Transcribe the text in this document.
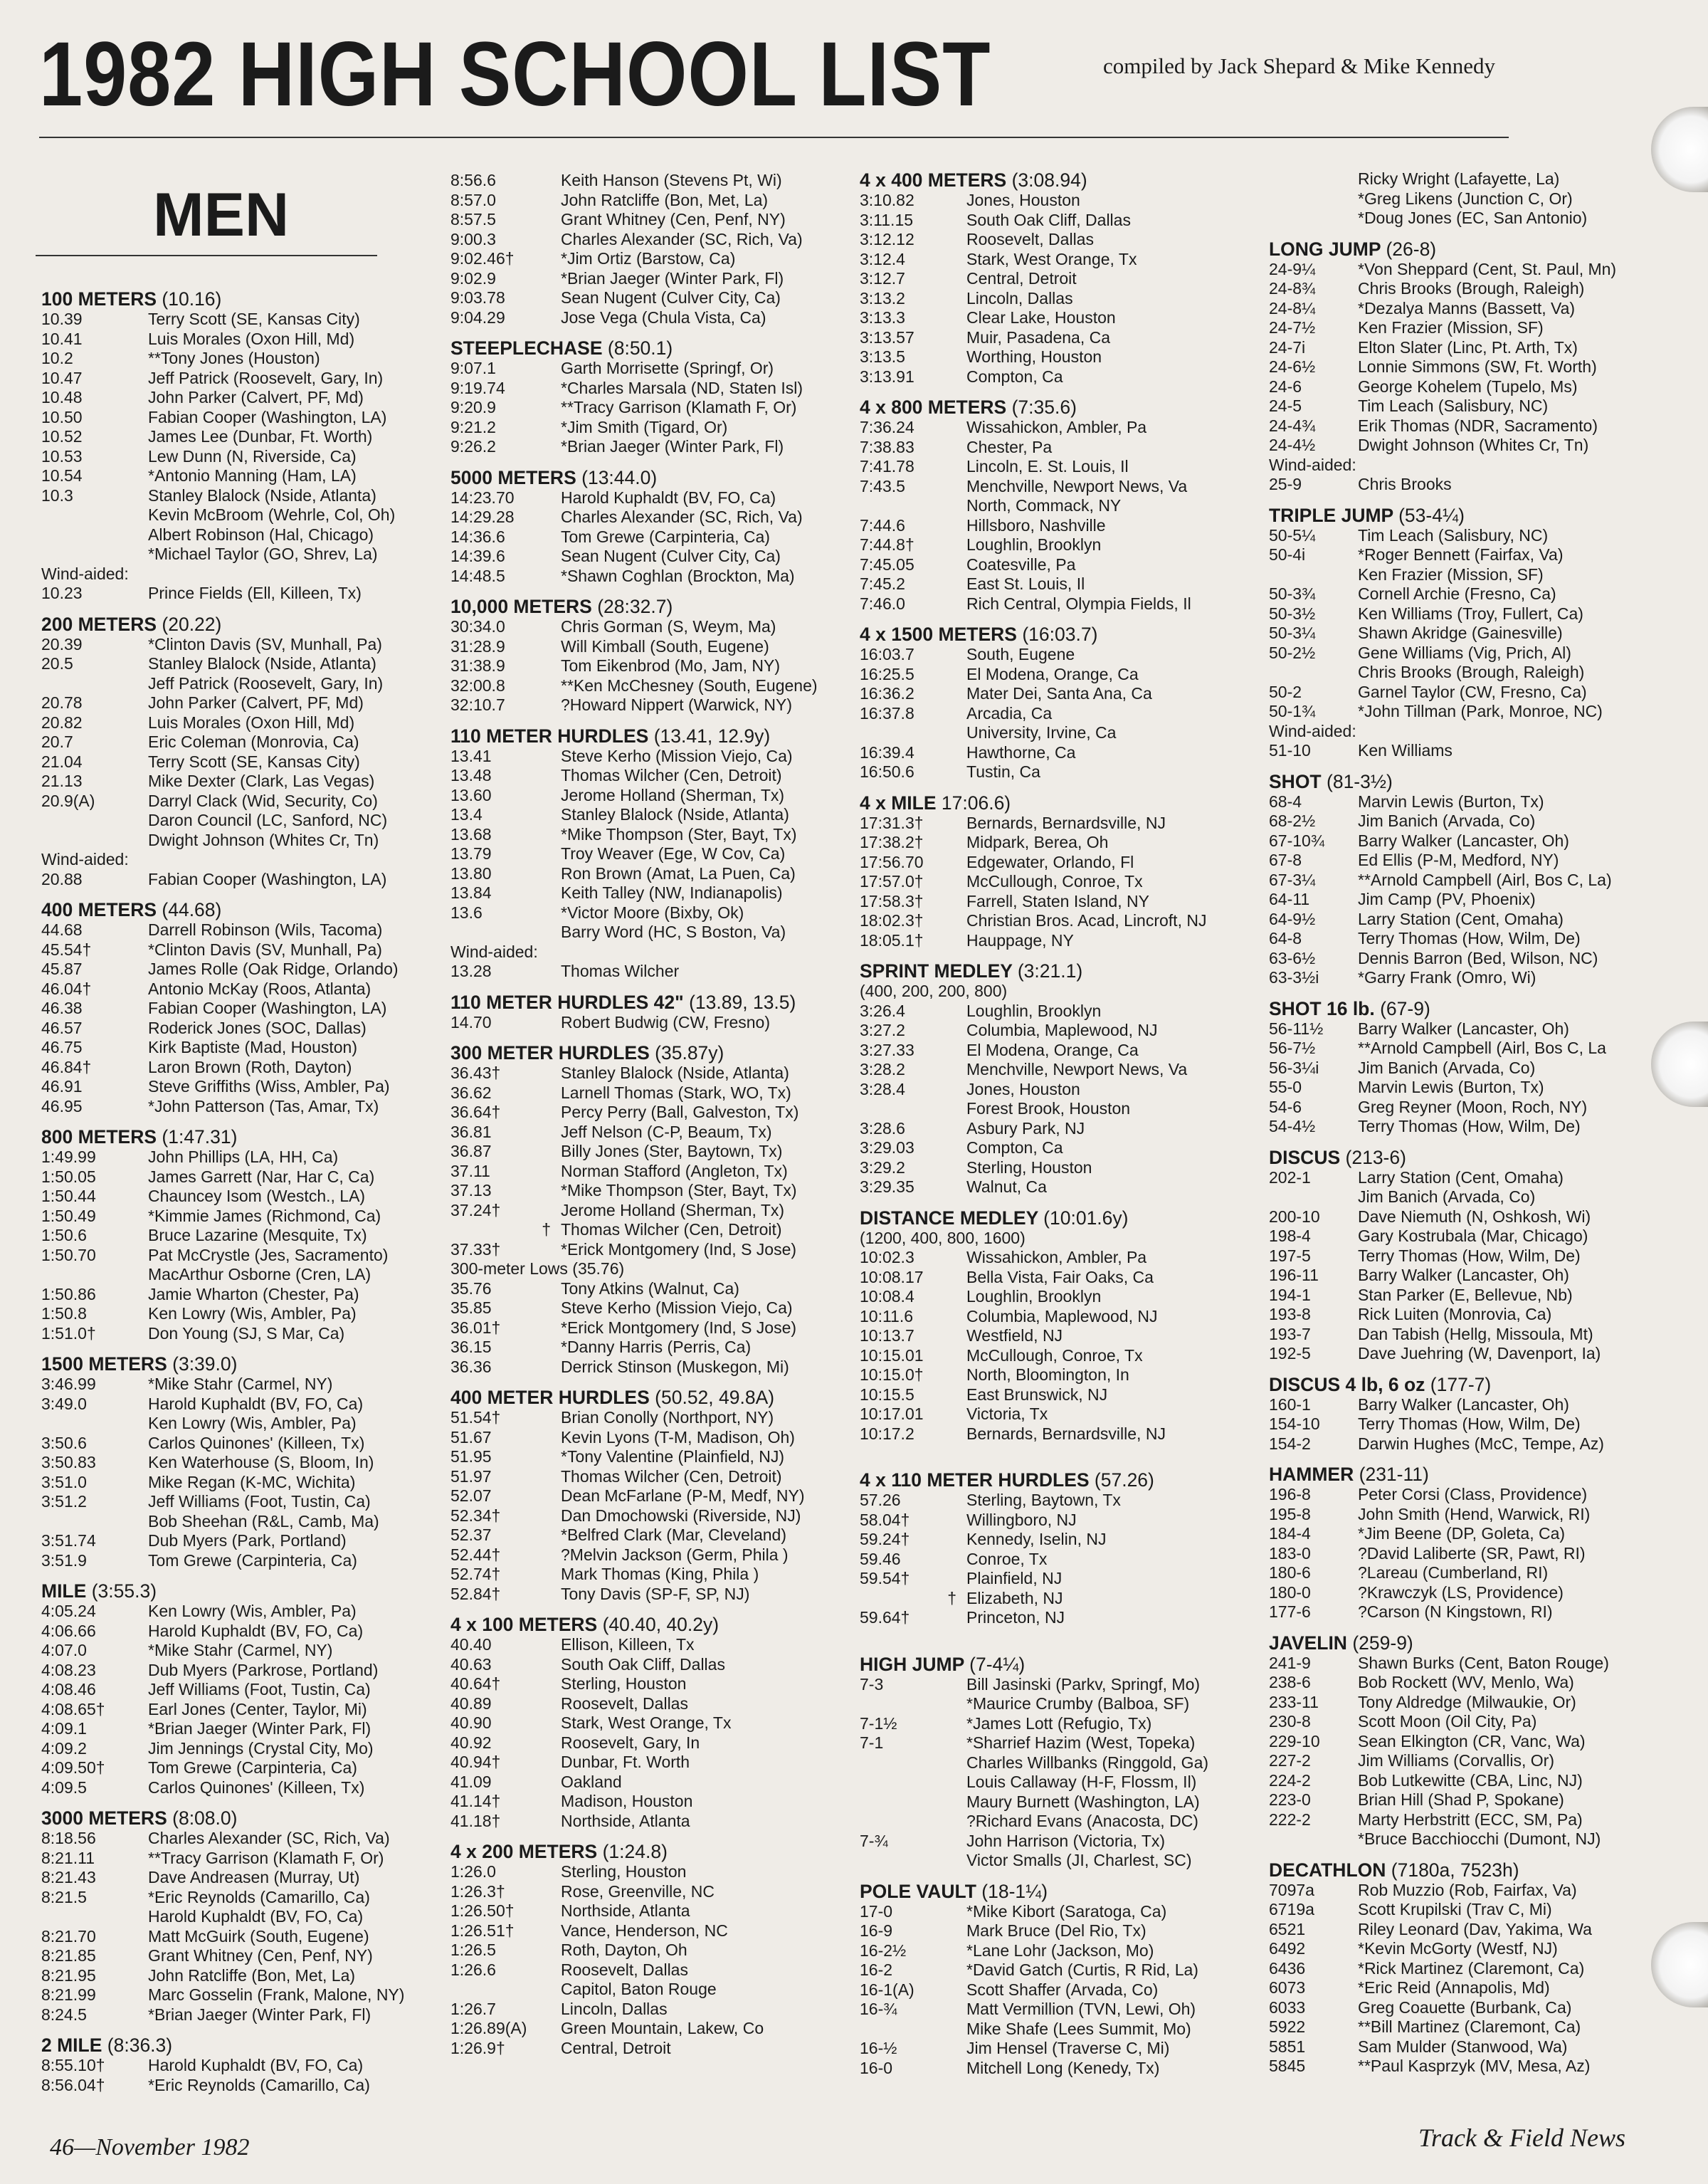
1982 HIGH SCHOOL LIST	compiled by Jack Shepard & Mike Kennedy
MEN
100 METERS (10.16)
10.39	Terry Scott (SE, Kansas City)
10.41	Luis Morales (Oxon Hill, Md)
10.2	**Tony Jones (Houston)
10.47	Jeff Patrick (Roosevelt, Gary, In)
10.48	John Parker (Calvert, PF, Md)
10.50	Fabian Cooper (Washington, LA)
10.52	James Lee (Dunbar, Ft. Worth)
10.53	Lew Dunn (N, Riverside, Ca)
10.54	*Antonio Manning (Ham, LA)
10.3	Stanley Blalock (Nside, Atlanta)
Kevin McBroom (Wehrle, Col, Oh)
Albert Robinson (Hal, Chicago)
*Michael Taylor (GO, Shrev, La)
Wind-aided:
10.23	Prince Fields (Ell, Killeen, Tx)
200 METERS (20.22)
20.39	*Clinton Davis (SV, Munhall, Pa)
20.5	Stanley Blalock (Nside, Atlanta)
Jeff Patrick (Roosevelt, Gary, In)
20.78	John Parker (Calvert, PF, Md)
20.82	Luis Morales (Oxon Hill, Md)
20.7	Eric Coleman (Monrovia, Ca)
21.04	Terry Scott (SE, Kansas City)
21.13	Mike Dexter (Clark, Las Vegas)
20.9(A)	Darryl Clack (Wid, Security, Co)
Daron Council (LC, Sanford, NC)
Dwight Johnson (Whites Cr, Tn)
Wind-aided:
20.88	Fabian Cooper (Washington, LA)
400 METERS (44.68)
44.68	Darrell Robinson (Wils, Tacoma)
45.54†	*Clinton Davis (SV, Munhall, Pa)
45.87	James Rolle (Oak Ridge, Orlando)
46.04†	Antonio McKay (Roos, Atlanta)
46.38	Fabian Cooper (Washington, LA)
46.57	Roderick Jones (SOC, Dallas)
46.75	Kirk Baptiste (Mad, Houston)
46.84†	Laron Brown (Roth, Dayton)
46.91	Steve Griffiths (Wiss, Ambler, Pa)
46.95	*John Patterson (Tas, Amar, Tx)
800 METERS (1:47.31)
1:49.99	John Phillips (LA, HH, Ca)
1:50.05	James Garrett (Nar, Har C, Ca)
1:50.44	Chauncey Isom (Westch., LA)
1:50.49	*Kimmie James (Richmond, Ca)
1:50.6	Bruce Lazarine (Mesquite, Tx)
1:50.70	Pat McCrystle (Jes, Sacramento)
MacArthur Osborne (Cren, LA)
1:50.86	Jamie Wharton (Chester, Pa)
1:50.8	Ken Lowry (Wis, Ambler, Pa)
1:51.0†	Don Young (SJ, S Mar, Ca)
1500 METERS (3:39.0)
3:46.99	*Mike Stahr (Carmel, NY)
3:49.0	Harold Kuphaldt (BV, FO, Ca)
Ken Lowry (Wis, Ambler, Pa)
3:50.6	Carlos Quinones' (Killeen, Tx)
3:50.83	Ken Waterhouse (S, Bloom, In)
3:51.0	Mike Regan (K-MC, Wichita)
3:51.2	Jeff Williams (Foot, Tustin, Ca)
Bob Sheehan (R&L, Camb, Ma)
3:51.74	Dub Myers (Park, Portland)
3:51.9	Tom Grewe (Carpinteria, Ca)
MILE (3:55.3)
4:05.24	Ken Lowry (Wis, Ambler, Pa)
4:06.66	Harold Kuphaldt (BV, FO, Ca)
4:07.0	*Mike Stahr (Carmel, NY)
4:08.23	Dub Myers (Parkrose, Portland)
4:08.46	Jeff Williams (Foot, Tustin, Ca)
4:08.65†	Earl Jones (Center, Taylor, Mi)
4:09.1	*Brian Jaeger (Winter Park, Fl)
4:09.2	Jim Jennings (Crystal City, Mo)
4:09.50†	Tom Grewe (Carpinteria, Ca)
4:09.5	Carlos Quinones' (Killeen, Tx)
3000 METERS (8:08.0)
8:18.56	Charles Alexander (SC, Rich, Va)
8:21.11	**Tracy Garrison (Klamath F, Or)
8:21.43	Dave Andreasen (Murray, Ut)
8:21.5	*Eric Reynolds (Camarillo, Ca)
Harold Kuphaldt (BV, FO, Ca)
8:21.70	Matt McGuirk (South, Eugene)
8:21.85	Grant Whitney (Cen, Penf, NY)
8:21.95	John Ratcliffe (Bon, Met, La)
8:21.99	Marc Gosselin (Frank, Malone, NY)
8:24.5	*Brian Jaeger (Winter Park, Fl)
2 MILE (8:36.3)
8:55.10†	Harold Kuphaldt (BV, FO, Ca)
8:56.04†	*Eric Reynolds (Camarillo, Ca)
8:56.6	Keith Hanson (Stevens Pt, Wi)
8:57.0	John Ratcliffe (Bon, Met, La)
8:57.5	Grant Whitney (Cen, Penf, NY)
9:00.3	Charles Alexander (SC, Rich, Va)
9:02.46†	*Jim Ortiz (Barstow, Ca)
9:02.9	*Brian Jaeger (Winter Park, Fl)
9:03.78	Sean Nugent (Culver City, Ca)
9:04.29	Jose Vega (Chula Vista, Ca)
STEEPLECHASE (8:50.1)
9:07.1	Garth Morrisette (Springf, Or)
9:19.74	*Charles Marsala (ND, Staten Isl)
9:20.9	**Tracy Garrison (Klamath F, Or)
9:21.2	*Jim Smith (Tigard, Or)
9:26.2	*Brian Jaeger (Winter Park, Fl)
5000 METERS (13:44.0)
14:23.70	Harold Kuphaldt (BV, FO, Ca)
14:29.28	Charles Alexander (SC, Rich, Va)
14:36.6	Tom Grewe (Carpinteria, Ca)
14:39.6	Sean Nugent (Culver City, Ca)
14:48.5	*Shawn Coghlan (Brockton, Ma)
10,000 METERS (28:32.7)
30:34.0	Chris Gorman (S, Weym, Ma)
31:28.9	Will Kimball (South, Eugene)
31:38.9	Tom Eikenbrod (Mo, Jam, NY)
32:00.8	**Ken McChesney (South, Eugene)
32:10.7	?Howard Nippert (Warwick, NY)
110 METER HURDLES (13.41, 12.9y)
13.41	Steve Kerho (Mission Viejo, Ca)
13.48	Thomas Wilcher (Cen, Detroit)
13.60	Jerome Holland (Sherman, Tx)
13.4	Stanley Blalock (Nside, Atlanta)
13.68	*Mike Thompson (Ster, Bayt, Tx)
13.79	Troy Weaver (Ege, W Cov, Ca)
13.80	Ron Brown (Amat, La Puen, Ca)
13.84	Keith Talley (NW, Indianapolis)
13.6	*Victor Moore (Bixby, Ok)
Barry Word (HC, S Boston, Va)
Wind-aided:
13.28	Thomas Wilcher
110 METER HURDLES 42" (13.89, 13.5)
14.70	Robert Budwig (CW, Fresno)
300 METER HURDLES (35.87y)
36.43†	Stanley Blalock (Nside, Atlanta)
36.62	Larnell Thomas (Stark, WO, Tx)
36.64†	Percy Perry (Ball, Galveston, Tx)
36.81	Jeff Nelson (C-P, Beaum, Tx)
36.87	Billy Jones (Ster, Baytown, Tx)
37.11	Norman Stafford (Angleton, Tx)
37.13	*Mike Thompson (Ster, Bayt, Tx)
37.24†	Jerome Holland (Sherman, Tx)
† Thomas Wilcher (Cen, Detroit)
37.33†	*Erick Montgomery (Ind, S Jose)
300-meter Lows (35.76)
35.76	Tony Atkins (Walnut, Ca)
35.85	Steve Kerho (Mission Viejo, Ca)
36.01†	*Erick Montgomery (Ind, S Jose)
36.15	*Danny Harris (Perris, Ca)
36.36	Derrick Stinson (Muskegon, Mi)
400 METER HURDLES (50.52, 49.8A)
51.54†	Brian Conolly (Northport, NY)
51.67	Kevin Lyons (T-M, Madison, Oh)
51.95	*Tony Valentine (Plainfield, NJ)
51.97	Thomas Wilcher (Cen, Detroit)
52.07	Dean McFarlane (P-M, Medf, NY)
52.34†	Dan Dmochowski (Riverside, NJ)
52.37	*Belfred Clark (Mar, Cleveland)
52.44†	?Melvin Jackson (Germ, Phila )
52.74†	Mark Thomas (King, Phila )
52.84†	Tony Davis (SP-F, SP, NJ)
4 x 100 METERS (40.40, 40.2y)
40.40	Ellison, Killeen, Tx
40.63	South Oak Cliff, Dallas
40.64†	Sterling, Houston
40.89	Roosevelt, Dallas
40.90	Stark, West Orange, Tx
40.92	Roosevelt, Gary, In
40.94†	Dunbar, Ft. Worth
41.09	Oakland
41.14†	Madison, Houston
41.18†	Northside, Atlanta
4 x 200 METERS (1:24.8)
1:26.0	Sterling, Houston
1:26.3†	Rose, Greenville, NC
1:26.50†	Northside, Atlanta
1:26.51†	Vance, Henderson, NC
1:26.5	Roth, Dayton, Oh
1:26.6	Roosevelt, Dallas
Capitol, Baton Rouge
1:26.7	Lincoln, Dallas
1:26.89(A)	Green Mountain, Lakew, Co
1:26.9†	Central, Detroit
4 x 400 METERS (3:08.94)
3:10.82	Jones, Houston
3:11.15	South Oak Cliff, Dallas
3:12.12	Roosevelt, Dallas
3:12.4	Stark, West Orange, Tx
3:12.7	Central, Detroit
3:13.2	Lincoln, Dallas
3:13.3	Clear Lake, Houston
3:13.57	Muir, Pasadena, Ca
3:13.5	Worthing, Houston
3:13.91	Compton, Ca
4 x 800 METERS (7:35.6)
7:36.24	Wissahickon, Ambler, Pa
7:38.83	Chester, Pa
7:41.78	Lincoln, E. St. Louis, Il
7:43.5	Menchville, Newport News, Va
North, Commack, NY
7:44.6	Hillsboro, Nashville
7:44.8†	Loughlin, Brooklyn
7:45.05	Coatesville, Pa
7:45.2	East St. Louis, Il
7:46.0	Rich Central, Olympia Fields, Il
4 x 1500 METERS (16:03.7)
16:03.7	South, Eugene
16:25.5	El Modena, Orange, Ca
16:36.2	Mater Dei, Santa Ana, Ca
16:37.8	Arcadia, Ca
University, Irvine, Ca
16:39.4	Hawthorne, Ca
16:50.6	Tustin, Ca
4 x MILE 17:06.6)
17:31.3†	Bernards, Bernardsville, NJ
17:38.2†	Midpark, Berea, Oh
17:56.70	Edgewater, Orlando, Fl
17:57.0†	McCullough, Conroe, Tx
17:58.3†	Farrell, Staten Island, NY
18:02.3†	Christian Bros. Acad, Lincroft, NJ
18:05.1†	Hauppage, NY
SPRINT MEDLEY (3:21.1)
(400, 200, 200, 800)
3:26.4	Loughlin, Brooklyn
3:27.2	Columbia, Maplewood, NJ
3:27.33	El Modena, Orange, Ca
3:28.2	Menchville, Newport News, Va
3:28.4	Jones, Houston
Forest Brook, Houston
3:28.6	Asbury Park, NJ
3:29.03	Compton, Ca
3:29.2	Sterling, Houston
3:29.35	Walnut, Ca
DISTANCE MEDLEY (10:01.6y)
(1200, 400, 800, 1600)
10:02.3	Wissahickon, Ambler, Pa
10:08.17	Bella Vista, Fair Oaks, Ca
10:08.4	Loughlin, Brooklyn
10:11.6	Columbia, Maplewood, NJ
10:13.7	Westfield, NJ
10:15.01	McCullough, Conroe, Tx
10:15.0†	North, Bloomington, In
10:15.5	East Brunswick, NJ
10:17.01	Victoria, Tx
10:17.2	Bernards, Bernardsville, NJ
4 x 110 METER HURDLES (57.26)
57.26	Sterling, Baytown, Tx
58.04†	Willingboro, NJ
59.24†	Kennedy, Iselin, NJ
59.46	Conroe, Tx
59.54†	Plainfield, NJ
† Elizabeth, NJ
59.64†	Princeton, NJ
HIGH JUMP (7-4¼)
7-3	Bill Jasinski (Parkv, Springf, Mo)
*Maurice Crumby (Balboa, SF)
7-1½	*James Lott (Refugio, Tx)
7-1	*Sharrief Hazim (West, Topeka)
Charles Willbanks (Ringgold, Ga)
Louis Callaway (H-F, Flossm, Il)
Maury Burnett (Washington, LA)
?Richard Evans (Anacosta, DC)
7-¾	John Harrison (Victoria, Tx)
Victor Smalls (JI, Charlest, SC)
POLE VAULT (18-1¼)
17-0	*Mike Kibort (Saratoga, Ca)
16-9	Mark Bruce (Del Rio, Tx)
16-2½	*Lane Lohr (Jackson, Mo)
16-2	*David Gatch (Curtis, R Rid, La)
16-1(A)	Scott Shaffer (Arvada, Co)
16-¾	Matt Vermillion (TVN, Lewi, Oh)
Mike Shafe (Lees Summit, Mo)
16-½	Jim Hensel (Traverse C, Mi)
16-0	Mitchell Long (Kenedy, Tx)
Ricky Wright (Lafayette, La)
*Greg Likens (Junction C, Or)
*Doug Jones (EC, San Antonio)
LONG JUMP (26-8)
24-9¼	*Von Sheppard (Cent, St. Paul, Mn)
24-8¾	Chris Brooks (Brough, Raleigh)
24-8¼	*Dezalya Manns (Bassett, Va)
24-7½	Ken Frazier (Mission, SF)
24-7i	Elton Slater (Linc, Pt. Arth, Tx)
24-6½	Lonnie Simmons (SW, Ft. Worth)
24-6	George Kohelem (Tupelo, Ms)
24-5	Tim Leach (Salisbury, NC)
24-4¾	Erik Thomas (NDR, Sacramento)
24-4½	Dwight Johnson (Whites Cr, Tn)
Wind-aided:
25-9	Chris Brooks
TRIPLE JUMP (53-4¼)
50-5¼	Tim Leach (Salisbury, NC)
50-4i	*Roger Bennett (Fairfax, Va)
Ken Frazier (Mission, SF)
50-3¾	Cornell Archie (Fresno, Ca)
50-3½	Ken Williams (Troy, Fullert, Ca)
50-3¼	Shawn Akridge (Gainesville)
50-2½	Gene Williams (Vig, Prich, Al)
Chris Brooks (Brough, Raleigh)
50-2	Garnel Taylor (CW, Fresno, Ca)
50-1¾	*John Tillman (Park, Monroe, NC)
Wind-aided:
51-10	Ken Williams
SHOT (81-3½)
68-4	Marvin Lewis (Burton, Tx)
68-2½	Jim Banich (Arvada, Co)
67-10¾	Barry Walker (Lancaster, Oh)
67-8	Ed Ellis (P-M, Medford, NY)
67-3¼	**Arnold Campbell (Airl, Bos C, La)
64-11	Jim Camp (PV, Phoenix)
64-9½	Larry Station (Cent, Omaha)
64-8	Terry Thomas (How, Wilm, De)
63-6½	Dennis Barron (Bed, Wilson, NC)
63-3½i	*Garry Frank (Omro, Wi)
SHOT 16 lb. (67-9)
56-11½	Barry Walker (Lancaster, Oh)
56-7½	**Arnold Campbell (Airl, Bos C, La
56-3¼i	Jim Banich (Arvada, Co)
55-0	Marvin Lewis (Burton, Tx)
54-6	Greg Reyner (Moon, Roch, NY)
54-4½	Terry Thomas (How, Wilm, De)
DISCUS (213-6)
202-1	Larry Station (Cent, Omaha)
Jim Banich (Arvada, Co)
200-10	Dave Niemuth (N, Oshkosh, Wi)
198-4	Gary Kostrubala (Mar, Chicago)
197-5	Terry Thomas (How, Wilm, De)
196-11	Barry Walker (Lancaster, Oh)
194-1	Stan Parker (E, Bellevue, Nb)
193-8	Rick Luiten (Monrovia, Ca)
193-7	Dan Tabish (Hellg, Missoula, Mt)
192-5	Dave Juehring (W, Davenport, Ia)
DISCUS 4 lb, 6 oz (177-7)
160-1	Barry Walker (Lancaster, Oh)
154-10	Terry Thomas (How, Wilm, De)
154-2	Darwin Hughes (McC, Tempe, Az)
HAMMER (231-11)
196-8	Peter Corsi (Class, Providence)
195-8	John Smith (Hend, Warwick, RI)
184-4	*Jim Beene (DP, Goleta, Ca)
183-0	?David Laliberte (SR, Pawt, RI)
180-6	?Lareau (Cumberland, RI)
180-0	?Krawczyk (LS, Providence)
177-6	?Carson (N Kingstown, RI)
JAVELIN (259-9)
241-9	Shawn Burks (Cent, Baton Rouge)
238-6	Bob Rockett (WV, Menlo, Wa)
233-11	Tony Aldredge (Milwaukie, Or)
230-8	Scott Moon (Oil City, Pa)
229-10	Sean Elkington (CR, Vanc, Wa)
227-2	Jim Williams (Corvallis, Or)
224-2	Bob Lutkewitte (CBA, Linc, NJ)
223-0	Brian Hill (Shad P, Spokane)
222-2	Marty Herbstritt (ECC, SM, Pa)
*Bruce Bacchiocchi (Dumont, NJ)
DECATHLON (7180a, 7523h)
7097a	Rob Muzzio (Rob, Fairfax, Va)
6719a	Scott Krupilski (Trav C, Mi)
6521	Riley Leonard (Dav, Yakima, Wa
6492	*Kevin McGorty (Westf, NJ)
6436	*Rick Martinez (Claremont, Ca)
6073	*Eric Reid (Annapolis, Md)
6033	Greg Coauette (Burbank, Ca)
5922	**Bill Martinez (Claremont, Ca)
5851	Sam Mulder (Stanwood, Wa)
5845	**Paul Kasprzyk (MV, Mesa, Az)
46—November 1982	Track & Field News
